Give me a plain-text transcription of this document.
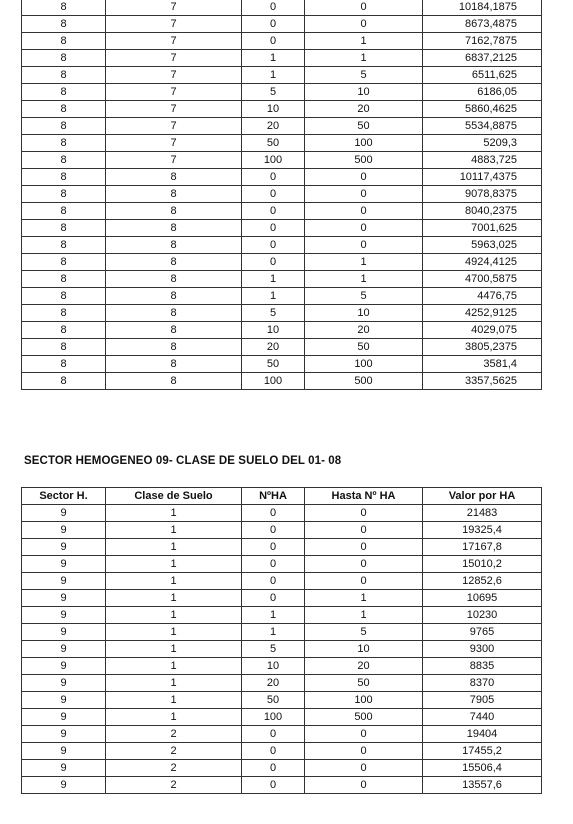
8	7	0	0	10184,1875
8	7	0	0	8673,4875
8	7	0	1	7162,7875
8	7	1	1	6837,2125
8	7	1	5	6511,625
8	7	5	10	6186,05
8	7	10	20	5860,4625
8	7	20	50	5534,8875
8	7	50	100	5209,3
8	7	100	500	4883,725
8	8	0	0	10117,4375
8	8	0	0	9078,8375
8	8	0	0	8040,2375
8	8	0	0	7001,625
8	8	0	0	5963,025
8	8	0	1	4924,4125
8	8	1	1	4700,5875
8	8	1	5	4476,75
8	8	5	10	4252,9125
8	8	10	20	4029,075
8	8	20	50	3805,2375
8	8	50	100	3581,4
8	8	100	500	3357,5625
SECTOR HEMOGENEO 09- CLASE DE SUELO DEL 01- 08
Sector H.	Clase de Suelo	NºHA	Hasta Nº HA	Valor por HA
9	1	0	0	21483
9	1	0	0	19325,4
9	1	0	0	17167,8
9	1	0	0	15010,2
9	1	0	0	12852,6
9	1	0	1	10695
9	1	1	1	10230
9	1	1	5	9765
9	1	5	10	9300
9	1	10	20	8835
9	1	20	50	8370
9	1	50	100	7905
9	1	100	500	7440
9	2	0	0	19404
9	2	0	0	17455,2
9	2	0	0	15506,4
9	2	0	0	13557,6
